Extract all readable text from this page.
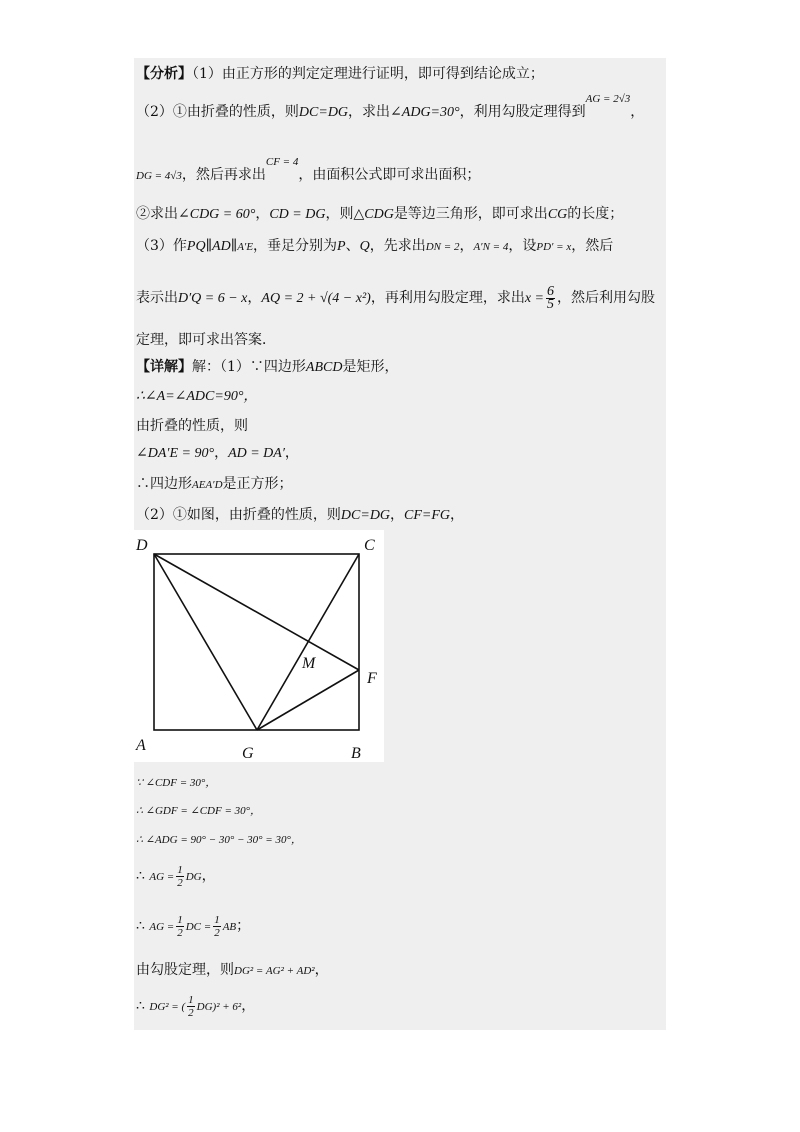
【分析】（1）由正方形的判定定理进行证明，即可得到结论成立；
（2）①由折叠的性质，则DC=DG，求出∠ADG=30°，利用勾股定理得到$^{AG = 2√3}$，
DG = 4√3，然后再求出$^{CF = 4}$，由面积公式即可求出面积；
②求出∠CDG = 60°，CD = DG，则△CDG是等边三角形，即可求出CG的长度；
（3）作PQ∥AD∥A′E，垂足分别为P、Q，先求出DN = 2，A′N = 4，设PD′ = x，然后
表示出D′Q = 6 − x，AQ = 2 + √(4 − x²)，再利用勾股定理，求出$x = \frac{6}{5}$ ，然后利用勾股
定理，即可求出答案．
【详解】解：（1）∵四边形ABCD是矩形，
∴∠A=∠ADC=90°，
由折叠的性质，则
∠DA′E = 90°，AD = DA′，
∴四边形AEA′D是正方形；
（2）①如图，由折叠的性质，则DC=DG，CF=FG，
D	C
M
F
A	G	B
∵ ∠CDF = 30°，
∴ ∠GDF = ∠CDF = 30°，
∴ ∠ADG = 90° − 30° − 30° = 30°，
∴ AG = $\frac{1}{2}$ DG，
∴ AG = $\frac{1}{2}$ DC = $\frac{1}{2}$ AB；
由勾股定理，则DG² = AG² + AD²，
∴ DG² = ( $\frac{1}{2} DG)^2 + 6^2$，
